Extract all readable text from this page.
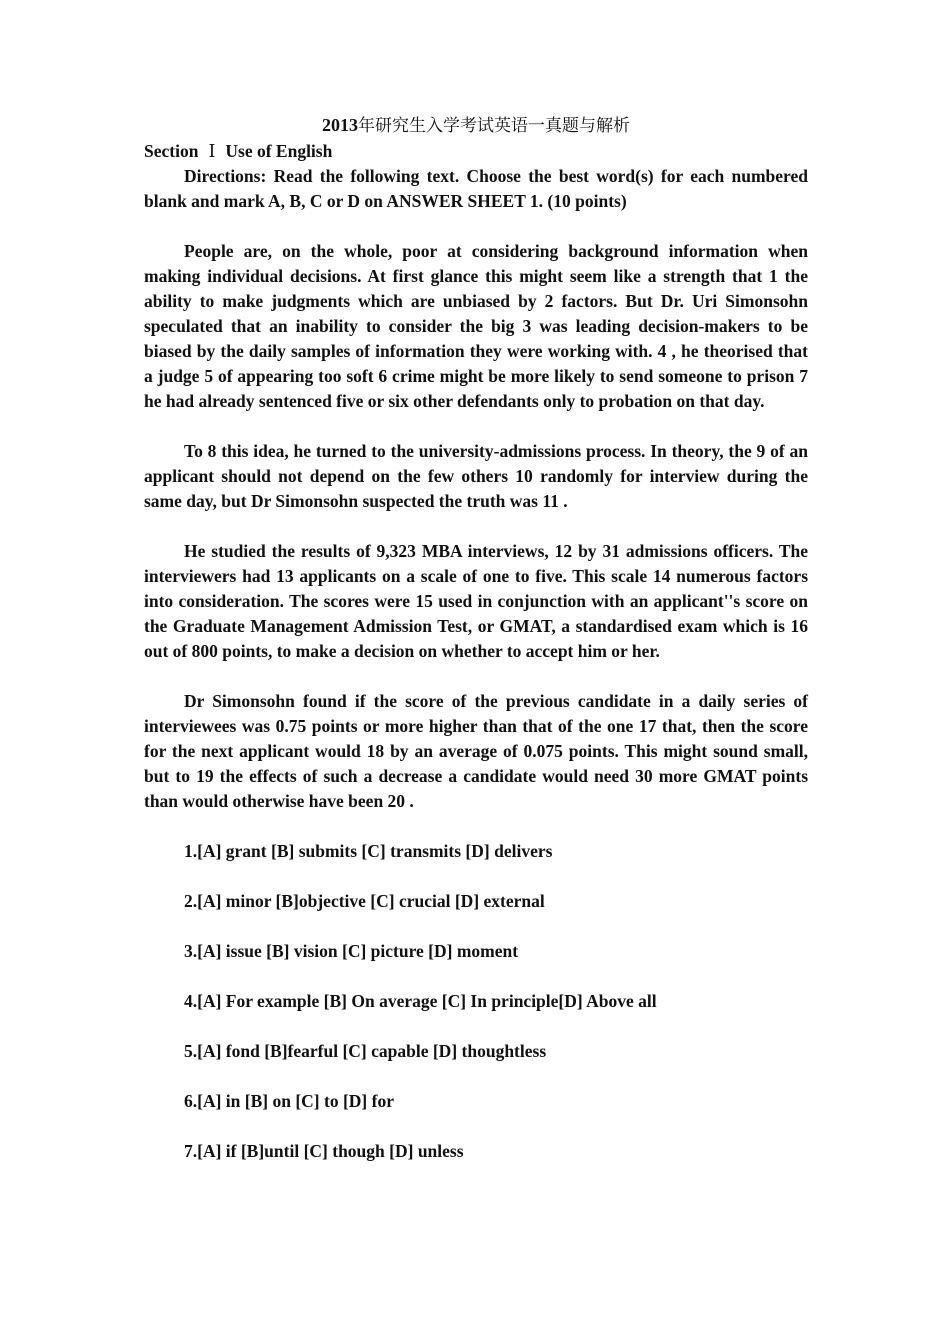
2013年研究生入学考试英语一真题与解析
Section Ⅰ Use of English

Directions: Read the following text. Choose the best word(s) for each numbered blank and mark A, B, C or D on ANSWER SHEET 1. (10 points)

People are, on the whole, poor at considering background information when making individual decisions. At first glance this might seem like a strength that 1 the ability to make judgments which are unbiased by 2 factors. But Dr. Uri Simonsohn speculated that an inability to consider the big 3 was leading decision-makers to be biased by the daily samples of information they were working with. 4 , he theorised that a judge 5 of appearing too soft 6 crime might be more likely to send someone to prison 7 he had already sentenced five or six other defendants only to probation on that day.

To 8 this idea, he turned to the university-admissions process. In theory, the 9 of an applicant should not depend on the few others 10 randomly for interview during the same day, but Dr Simonsohn suspected the truth was 11 .

He studied the results of 9,323 MBA interviews, 12 by 31 admissions officers. The interviewers had 13 applicants on a scale of one to five. This scale 14 numerous factors into consideration. The scores were 15 used in conjunction with an applicant''s score on the Graduate Management Admission Test, or GMAT, a standardised exam which is 16 out of 800 points, to make a decision on whether to accept him or her.

Dr Simonsohn found if the score of the previous candidate in a daily series of interviewees was 0.75 points or more higher than that of the one 17 that, then the score for the next applicant would 18 by an average of 0.075 points. This might sound small, but to 19 the effects of such a decrease a candidate would need 30 more GMAT points than would otherwise have been 20 .

1.[A] grant [B] submits [C] transmits [D] delivers
2.[A] minor [B]objective [C] crucial [D] external
3.[A] issue [B] vision [C] picture [D] moment
4.[A] For example [B] On average [C] In principle[D] Above all
5.[A] fond [B]fearful [C] capable [D] thoughtless
6.[A] in [B] on [C] to [D] for
7.[A] if [B]until [C] though [D] unless
